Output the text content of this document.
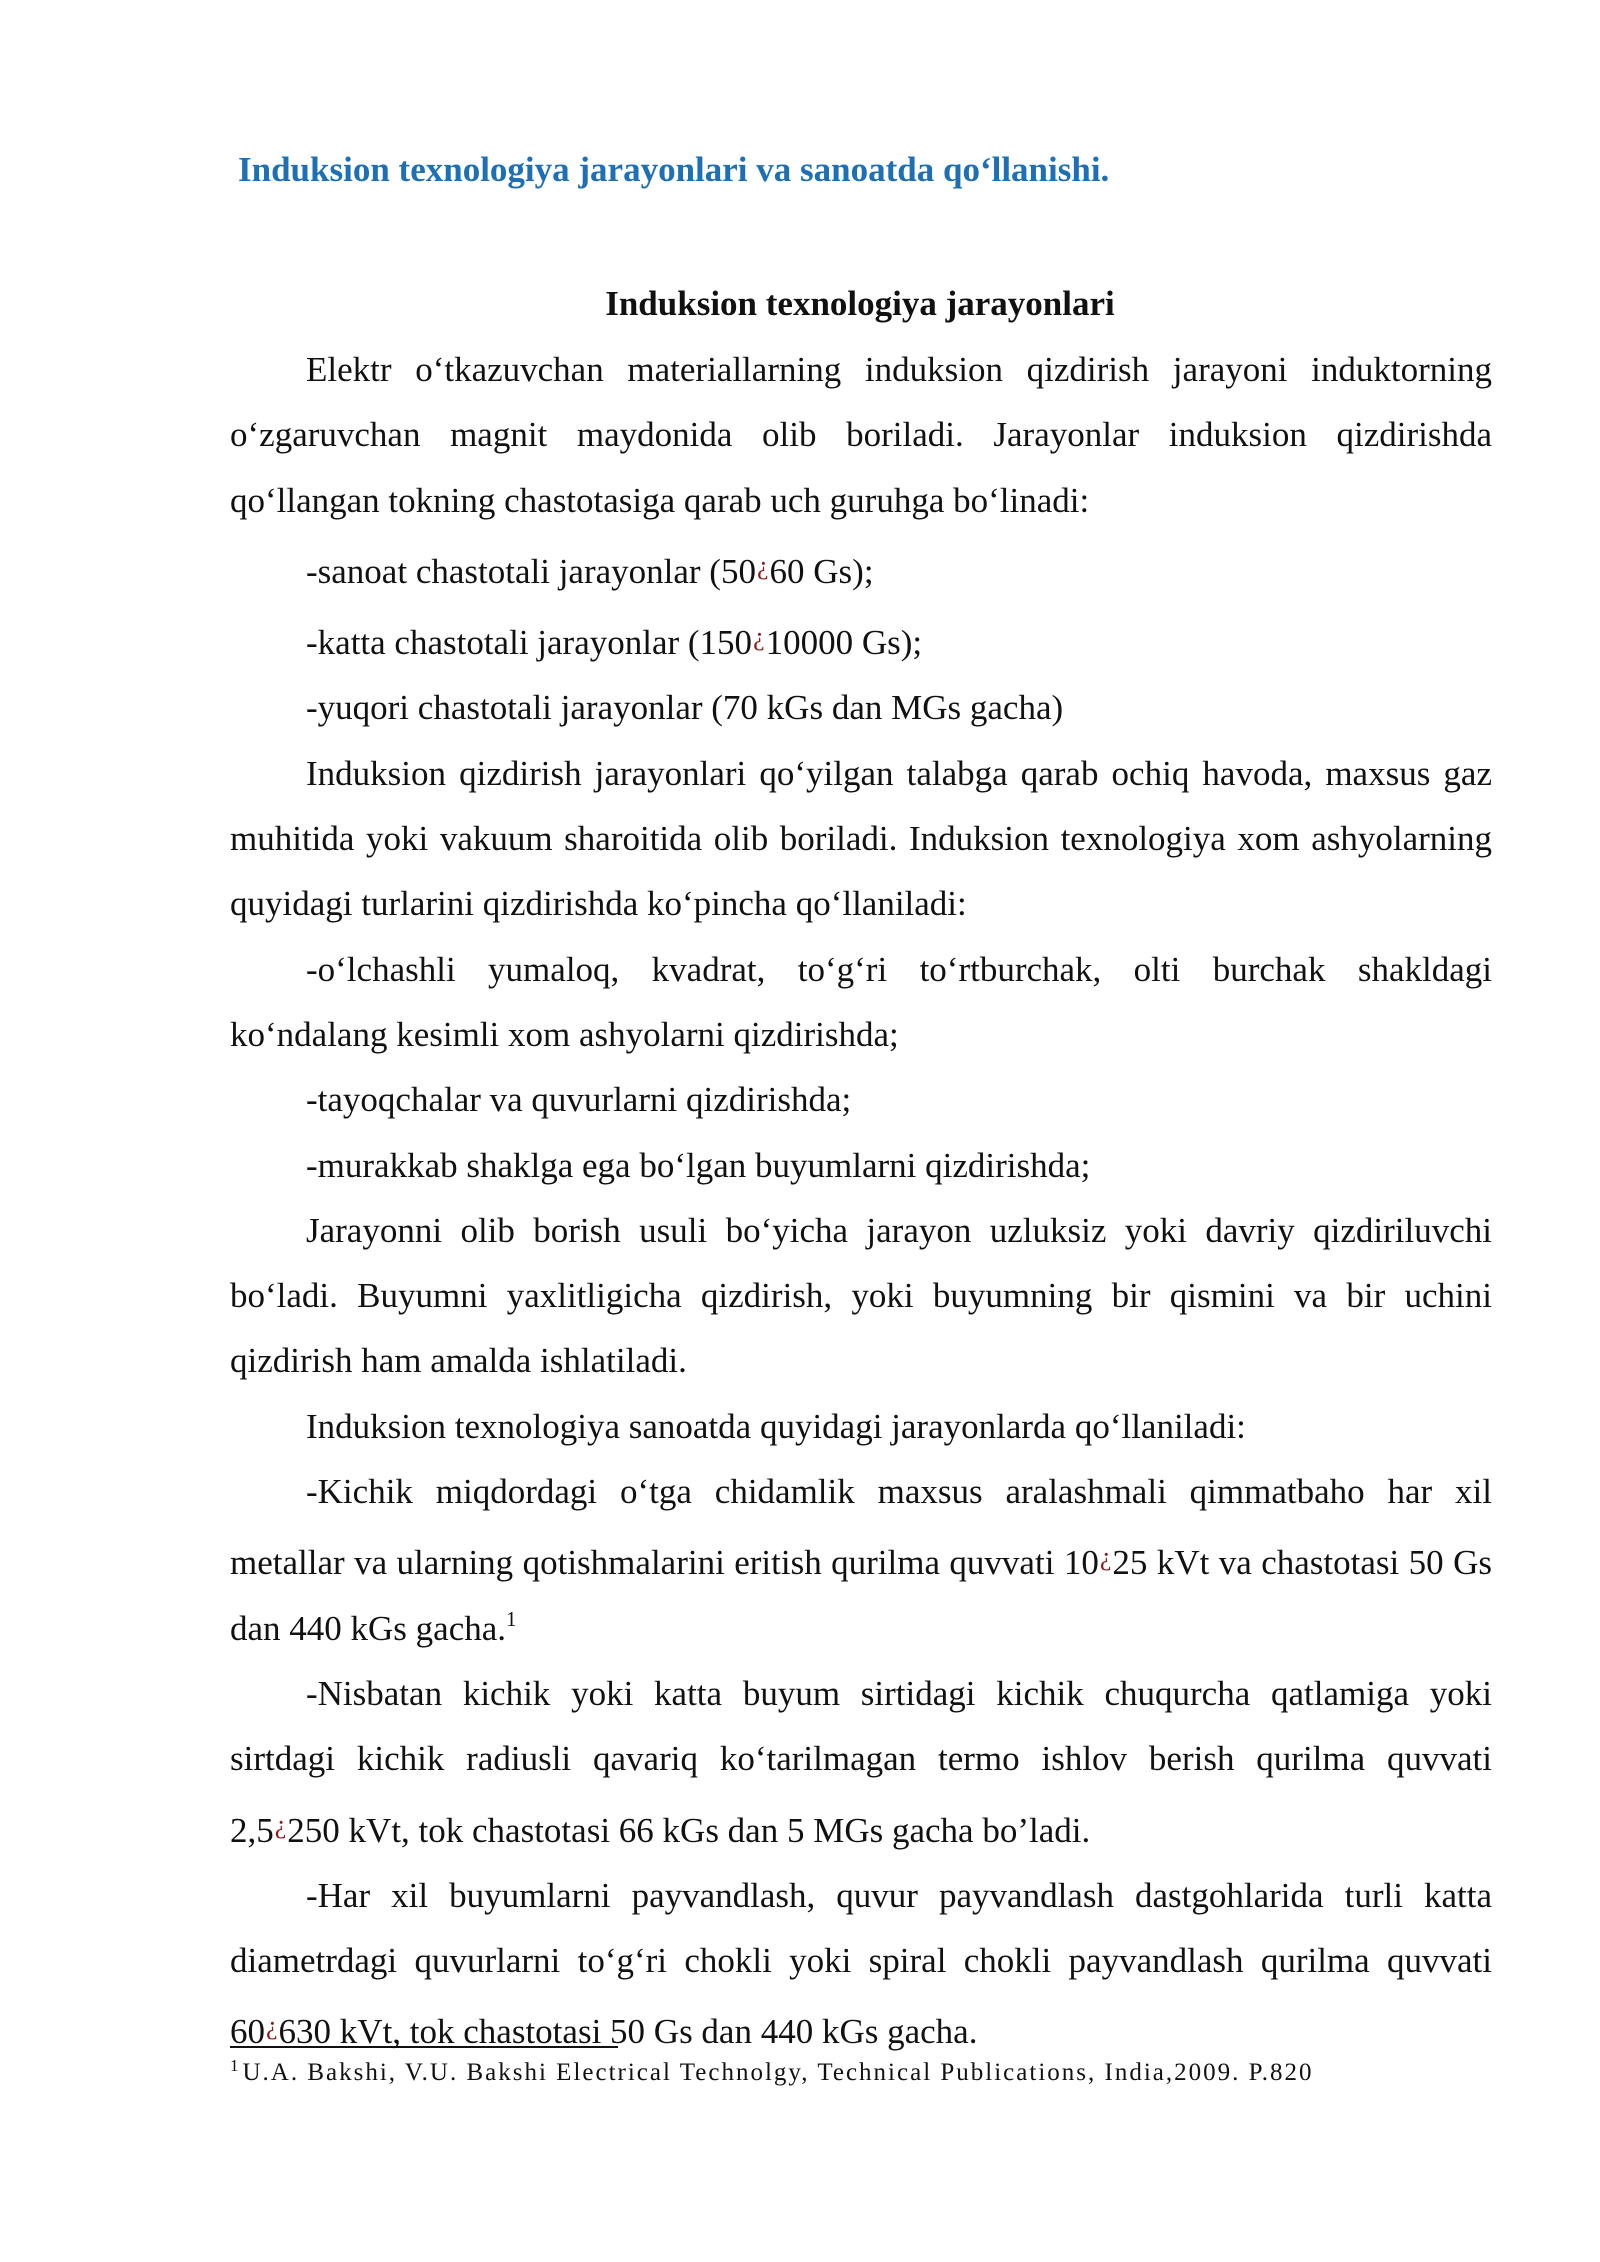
Induksion texnologiya jarayonlari va sanoatda qo‘llanishi.
Induksion texnologiya jarayonlari

Elektr o‘tkazuvchan materiallarning induksion qizdirish jarayoni induktorning o‘zgaruvchan magnit maydonida olib boriladi. Jarayonlar induksion qizdirishda qo‘llangan tokning chastotasiga qarab uch guruhga bo‘linadi:

-sanoat chastotali jarayonlar (50¿60 Gs);

-katta chastotali jarayonlar (150¿10000 Gs);

-yuqori chastotali jarayonlar (70 kGs dan MGs gacha)

Induksion qizdirish jarayonlari qo‘yilgan talabga qarab ochiq havoda, maxsus gaz muhitida yoki vakuum sharoitida olib boriladi. Induksion texnologiya xom ashyolarning quyidagi turlarini qizdirishda ko‘pincha qo‘llaniladi:

-o‘lchashli yumaloq, kvadrat, to‘g‘ri to‘rtburchak, olti burchak shakldagi ko‘ndalang kesimli xom ashyolarni qizdirishda;

-tayoqchalar va quvurlarni qizdirishda;

-murakkab shaklga ega bo‘lgan buyumlarni qizdirishda;

Jarayonni olib borish usuli bo‘yicha jarayon uzluksiz yoki davriy qizdiriluvchi bo‘ladi. Buyumni yaxlitligicha qizdirish, yoki buyumning bir qismini va bir uchini qizdirish ham amalda ishlatiladi.

Induksion texnologiya sanoatda quyidagi jarayonlarda qo‘llaniladi:

-Kichik miqdordagi o‘tga chidamlik maxsus aralashmali qimmatbaho har xil metallar va ularning qotishmalarini eritish qurilma quvvati 10¿25 kVt va chastotasi 50 Gs dan 440 kGs gacha.$^1$

-Nisbatan kichik yoki katta buyum sirtidagi kichik chuqurcha qatlamiga yoki sirtdagi kichik radiusli qavariq ko‘tarilmagan termo ishlov berish qurilma quvvati 2,5¿250 kVt, tok chastotasi 66 kGs dan 5 MGs gacha bo’ladi.

-Har xil buyumlarni payvandlash, quvur payvandlash dastgohlarida turli katta diametrdagi quvurlarni to‘g‘ri chokli yoki spiral chokli payvandlash qurilma quvvati 60¿630 kVt, tok chastotasi 50 Gs dan 440 kGs gacha.

$^1$ U.A. Bakshi, V.U. Bakshi Electrical Technolgy, Technical Publications, India,2009. P.820
